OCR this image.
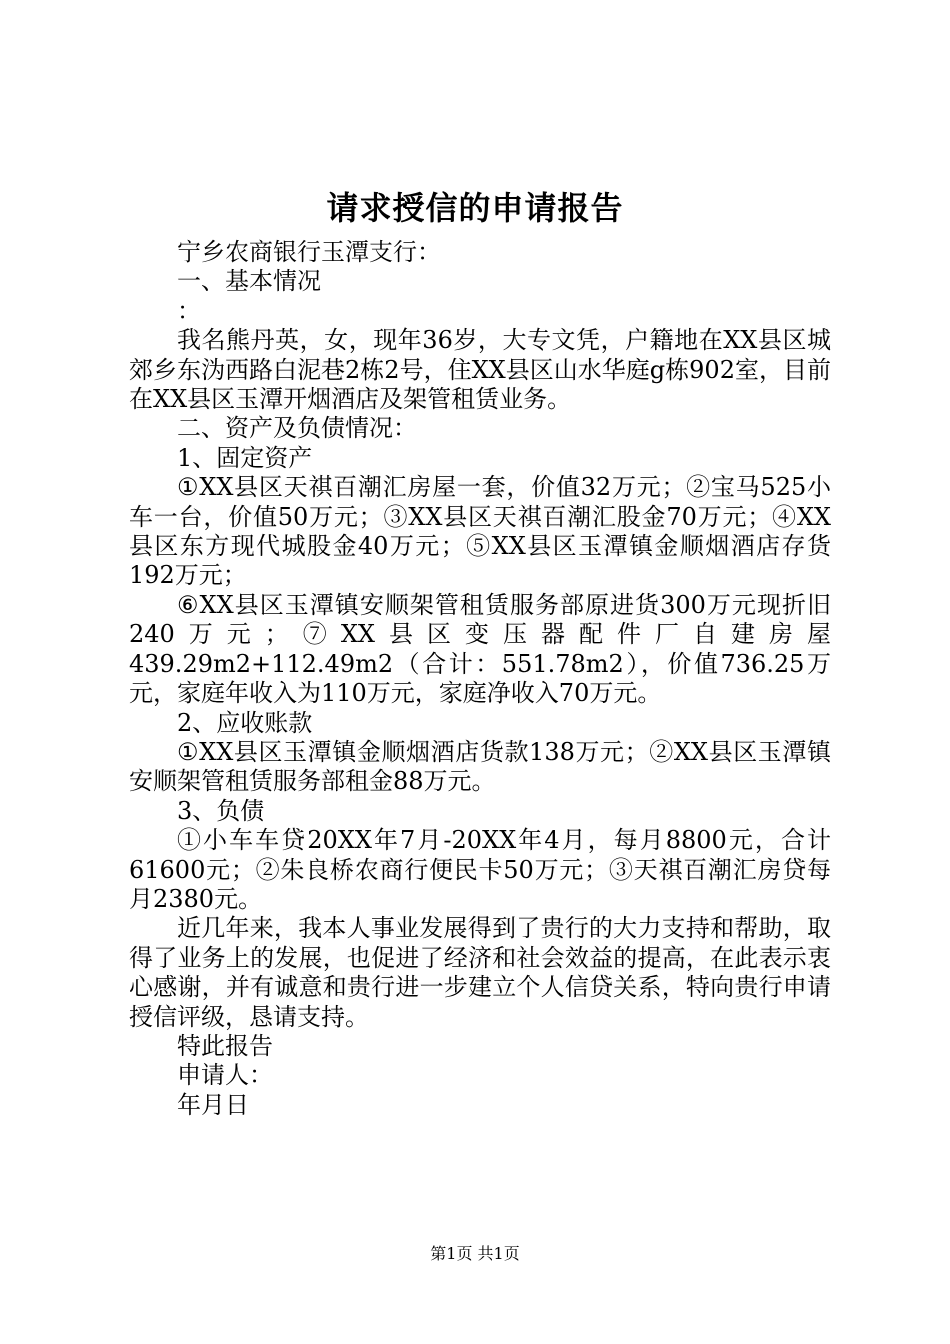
请求授信的申请报告

宁乡农商银行玉潭支行：

一、基本情况

：

我名熊丹英，女，现年36岁，大专文凭，户籍地在XX县区城郊乡东沩西路白泥巷2栋2号，住XX县区山水华庭g栋902室，目前在XX县区玉潭开烟酒店及架管租赁业务。

二、资产及负债情况：

1、固定资产

①XX县区天祺百潮汇房屋一套，价值32万元；②宝马525小车一台，价值50万元；③XX县区天祺百潮汇股金70万元；④XX县区东方现代城股金40万元；⑤XX县区玉潭镇金顺烟酒店存货192万元；

⑥XX县区玉潭镇安顺架管租赁服务部原进货300万元现折旧240万元；⑦XX县区变压器配件厂自建房屋439.29m2+112.49m2（合计：551.78m2），价值736.25万元，家庭年收入为110万元，家庭净收入70万元。

2、应收账款

①XX县区玉潭镇金顺烟酒店货款138万元；②XX县区玉潭镇安顺架管租赁服务部租金88万元。

3、负债

①小车车贷20XX年7月-20XX年4月，每月8800元，合计61600元；②朱良桥农商行便民卡50万元；③天祺百潮汇房贷每月2380元。

近几年来，我本人事业发展得到了贵行的大力支持和帮助，取得了业务上的发展，也促进了经济和社会效益的提高，在此表示衷心感谢，并有诚意和贵行进一步建立个人信贷关系，特向贵行申请授信评级，恳请支持。

特此报告

申请人：

年月日

第1页 共1页
